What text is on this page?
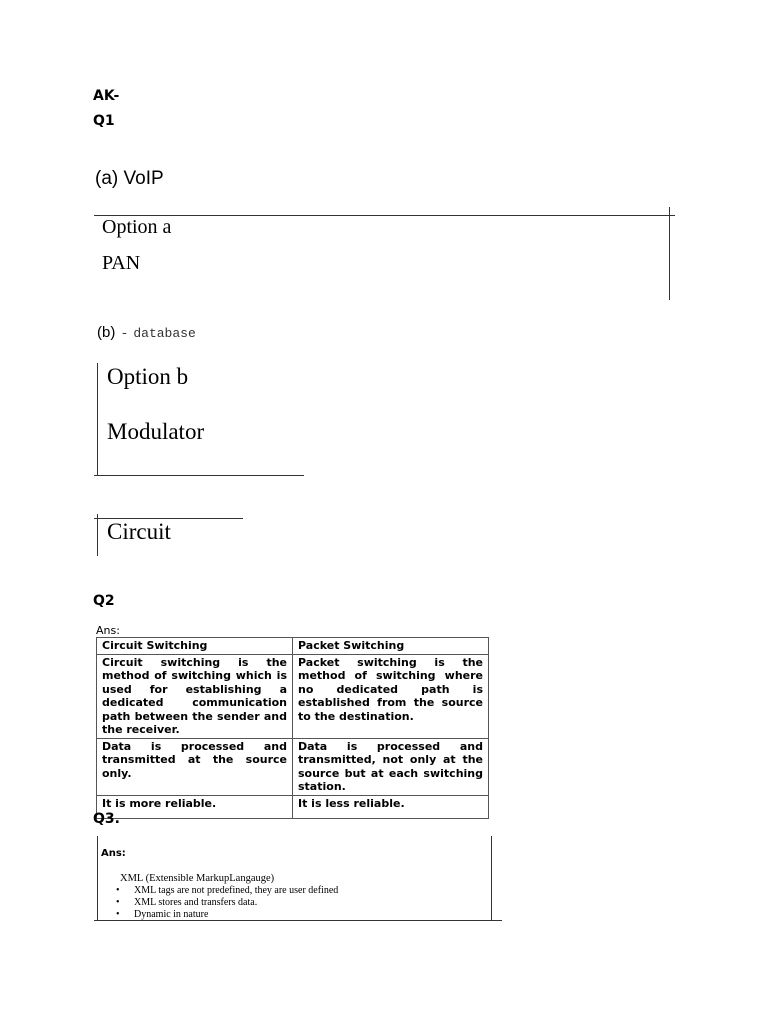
AK-
Q1
(a) VoIP
Option a
PAN
(b) - database
Option b
Modulator
Circuit
Q2
Ans:
Circuit Switching	Packet Switching
Circuit switching is the method of switching which is used for establishing a dedicated communication path between the sender and the receiver.	Packet switching is the method of switching where no dedicated path is established from the source to the destination.
Data is processed and transmitted at the source only.	Data is processed and transmitted, not only at the source but at each switching station.
It is more reliable.	It is less reliable.
Q3.
Ans:
XML (Extensible MarkupLangauge)
• XML tags are not predefined, they are user defined
• XML stores and transfers data.
• Dynamic in nature
